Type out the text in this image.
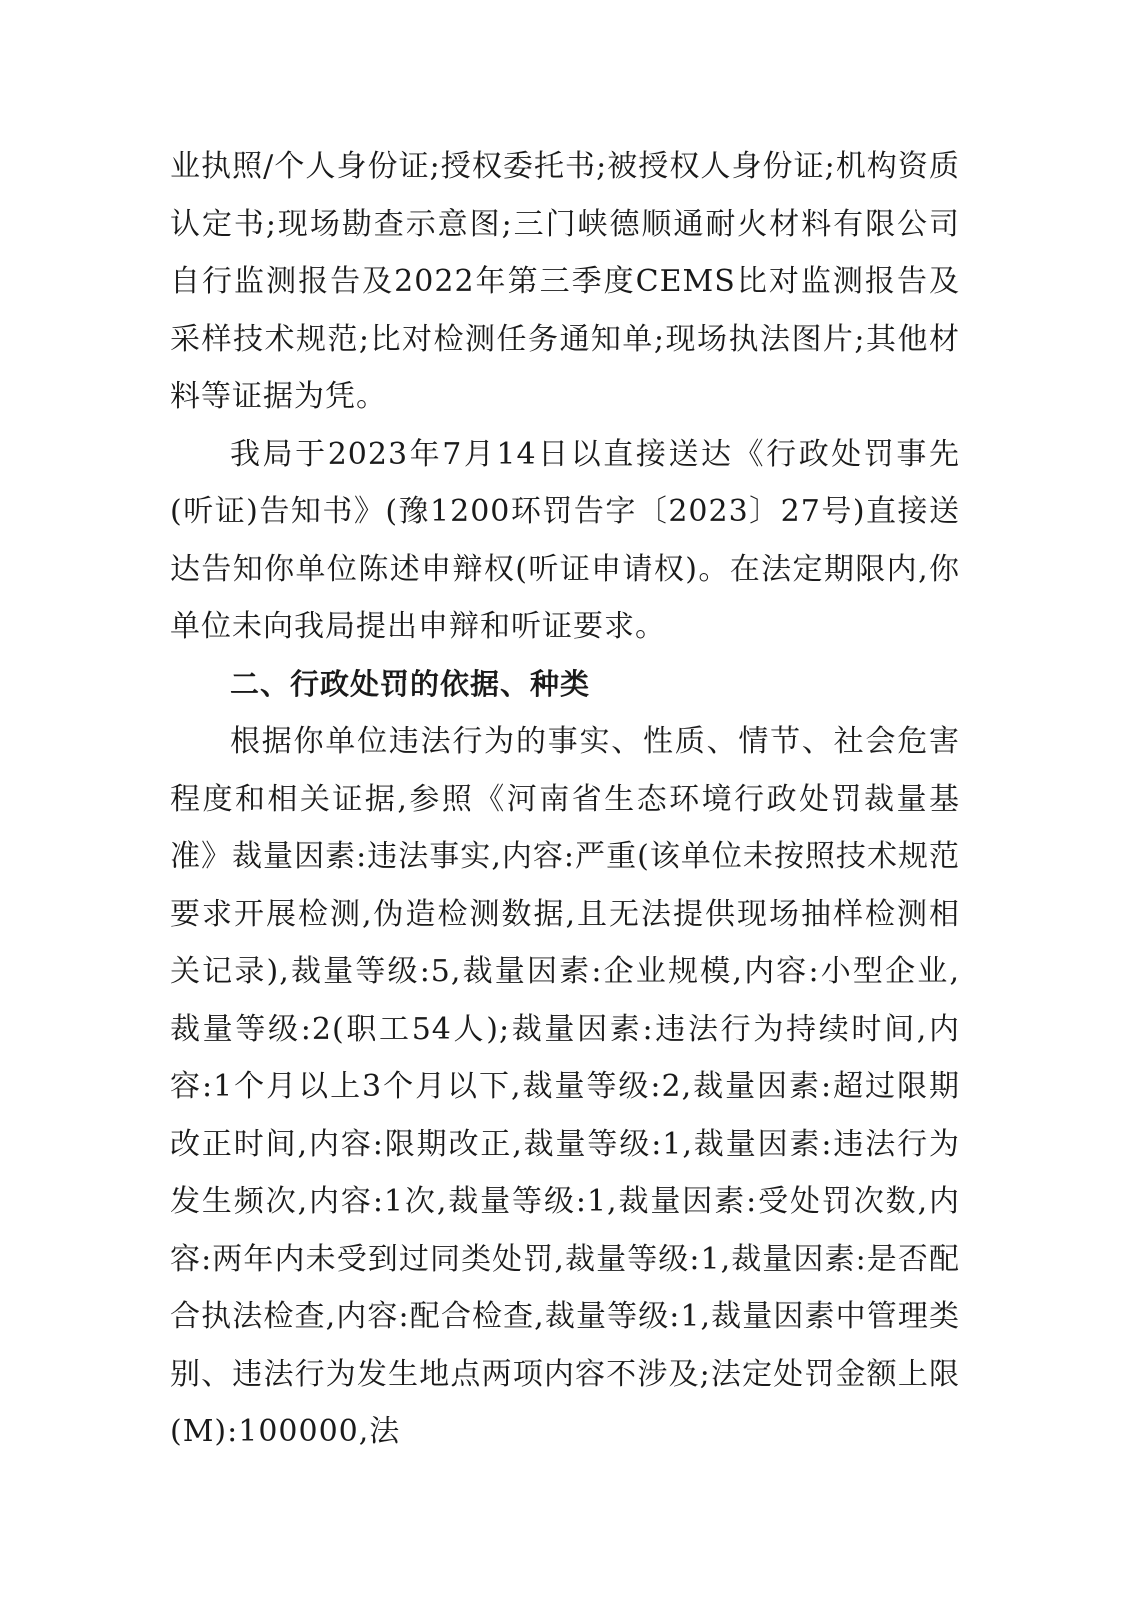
业执照/个人身份证;授权委托书;被授权人身份证;机构资质认定书;现场勘查示意图;三门峡德顺通耐火材料有限公司自行监测报告及2022年第三季度CEMS比对监测报告及采样技术规范;比对检测任务通知单;现场执法图片;其他材料等证据为凭。

我局于2023年7月14日以直接送达《行政处罚事先(听证)告知书》(豫1200环罚告字〔2023〕27号)直接送达告知你单位陈述申辩权(听证申请权)。在法定期限内,你单位未向我局提出申辩和听证要求。

二、行政处罚的依据、种类

根据你单位违法行为的事实、性质、情节、社会危害程度和相关证据,参照《河南省生态环境行政处罚裁量基准》裁量因素:违法事实,内容:严重(该单位未按照技术规范要求开展检测,伪造检测数据,且无法提供现场抽样检测相关记录),裁量等级:5,裁量因素:企业规模,内容:小型企业,裁量等级:2(职工54人);裁量因素:违法行为持续时间,内容:1个月以上3个月以下,裁量等级:2,裁量因素:超过限期改正时间,内容:限期改正,裁量等级:1,裁量因素:违法行为发生频次,内容:1次,裁量等级:1,裁量因素:受处罚次数,内容:两年内未受到过同类处罚,裁量等级:1,裁量因素:是否配合执法检查,内容:配合检查,裁量等级:1,裁量因素中管理类别、违法行为发生地点两项内容不涉及;法定处罚金额上限(M):100000,法
